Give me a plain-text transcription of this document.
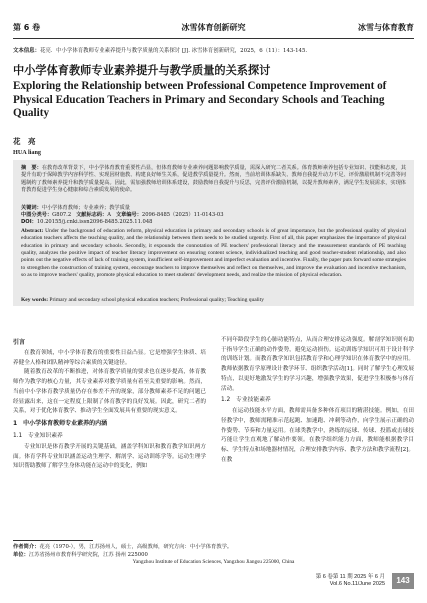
第 6 卷	冰雪体育创新研究	冰雪与体育教育
文本信息：花亮．中小学体育教师专业素养提升与教学质量的关系探讨 [J]. 冰雪体育创新研究，2025，6（11）：143-145.
中小学体育教师专业素养提升与教学质量的关系探讨
Exploring the Relationship between Professional Competence Improvement of Physical Education Teachers in Primary and Secondary Schools and Teaching Quality
花　亮
HUA liang
摘　要：在教育改革背景下，中小学体育教育重要性凸显，但体育教师专业素养问题影响教学质量，需深入研究二者关系。体育教师素养包括专业知识、技能和态度，其提升有助于保障教学内容科学性、实现因材施教、构建良好师生关系，促进教学质量提升。然而，当前培训体系缺失、教师自我提升动力不足、评价激励机制不完善等问题制约了教师素养提升和教学质量提高。因此，需加强教师培训体系建设，鼓励教师自我提升与反思，完善评价激励机制，以提升教师素养，满足学生发展需求，实现体育教育促进学生身心健康和综合素质发展的使命。
关键词：中小学体育教师；专业素养；教学质量
中图分类号：G807.2 文献标志码：A 文章编号：2096-8485（2025）11-0143-03
DOI：10.20155/j.cnki.issn2096-8485.2025.11.048
Abstract: Under the background of education reform, physical education in primary and secondary schools is of great importance, but the professional quality of physical education teachers affects the teaching quality, and the relationship between them needs to be studied urgently. First of all, this paper emphasizes the importance of physical education in primary and secondary schools. Secondly, it expounds the connotation of PE teachers' professional literacy and the measurement standards of PE teaching quality, analyzes the positive impact of teacher literacy improvement on ensuring content science, individualized teaching and good teacher-student relationship, and also points out the negative effects of lack of training system, insufficient self-improvement and imperfect evaluation and incentive. Finally, the paper puts forward some strategies to strengthen the construction of training system, encourage teachers to improve themselves and reflect on themselves, and improve the evaluation and incentive mechanism, so as to improve teachers' quality, promote physical education to meet students' development needs, and realize the mission of physical education.
Key words: Primary and secondary school physical education teachers; Professional quality; Teaching quality
引言

在教育领域，中小学体育教育的重要性日益凸显。它是增强学生体质、培养健全人格和团队精神等综合素质的关键途径。

随着教育改革的不断推进，对体育教学质量的要求也在逐步提高，体育教师作为教学的核心力量，其专业素养对教学质量有着至关重要的影响。然而，当前中小学体育教学质量仍存在参差不齐的现象，部分教师素养不足的问题已经显露出来，这在一定程度上限制了体育教学的良好发展。因此，研究二者的关系，对于优化体育教学、推动学生全面发展具有重要的现实意义。

1　中小学体育教师专业素养的内涵
1.1　专业知识素养

专业知识是体育教学开展的关键基础，涵盖学科知识和教育教学知识两方面。体育学科专业知识涵盖运动生理学、解剖学、运动训练学等。运动生理学知识帮助教师了解学生身体功能在运动中的变化，例如

不同年龄段学生的心肺功能特点，从而合理安排运动强度。解剖学知识则有助于指导学生正确的动作姿势，避免运动损伤。运动训练学知识可用于设计科学的训练计划。而教育教学知识包括教育学和心理学知识在体育教学中的应用。教师依据教育学原理设计教学环节、组织教学活动[1]。同时了解学生心理发展特点，以更好地激发学生的学习兴趣，增强教学效果，促进学生积极参与体育活动。

1.2　专业技能素养

在运动技能水平方面，教师需具备多种体育项目的精湛技能。例如，在田径教学中，教师需精准示范起跑、加速跑、冲刺等动作，向学生展示正确的动作姿势、节奏和力量运用。在球类教学中，熟练的运球、传球、投篮或击球技巧能让学生直观地了解动作要领。在教学组织能力方面，教师能根据教学目标、学生特点和场地器材情况，合理安排教学内容、教学方法和教学流程[2]。在教

作者简介：花亮（1970-），男，江苏扬州人，硕士，高级教师，研究方向：中小学体育教学。
单位：江苏省扬州市教育科学研究院，江苏 扬州 225000
Yangzhou Institute of Education Sciences, Yangzhou Jiangsu 225000, China
第 6 卷第 11 期 2025 年 6 月
Vol.6 No.11/June 2025	143
